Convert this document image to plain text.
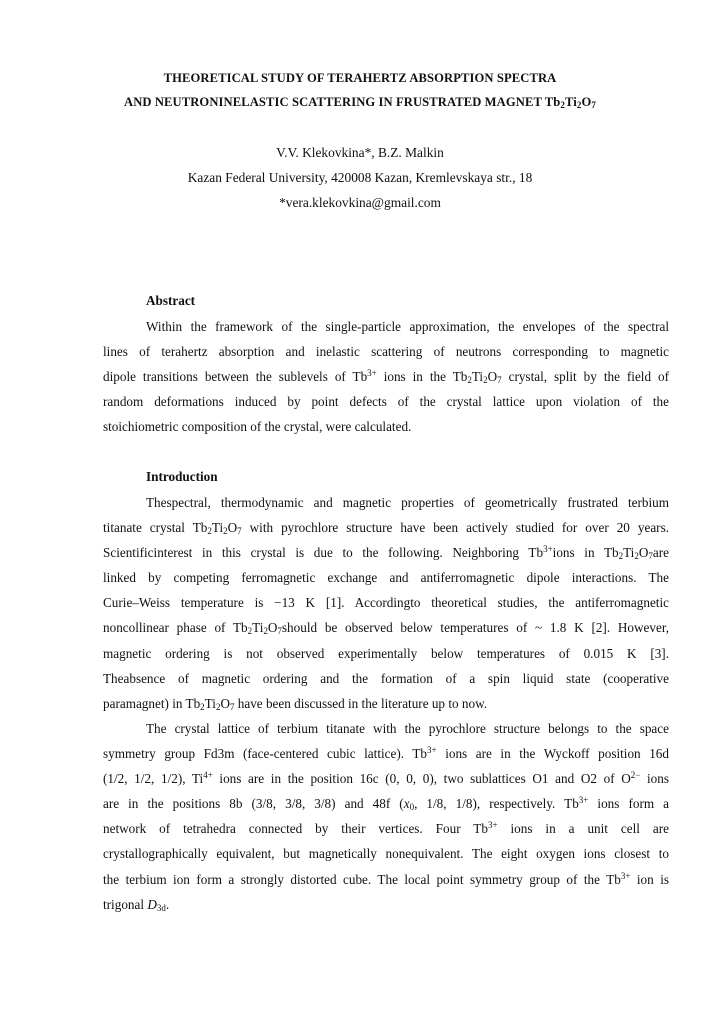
THEORETICAL STUDY OF TERAHERTZ ABSORPTION SPECTRA
AND NEUTRONINELASTIC SCATTERING IN FRUSTRATED MAGNET $Tb_2Ti_2O_7$
V.V. Klekovkina*, B.Z. Malkin
Kazan Federal University, 420008 Kazan, Kremlevskaya str., 18
*vera.klekovkina@gmail.com
Abstract
Within the framework of the single-particle approximation, the envelopes of the spectral
lines of terahertz absorption and inelastic scattering of neutrons corresponding to magnetic
dipole transitions between the sublevels of $Tb^{3+}$ ions in the $Tb_2Ti_2O_7$ crystal, split by the field of
random deformations induced by point defects of the crystal lattice upon violation of the
stoichiometric composition of the crystal, were calculated.
Introduction
Thespectral, thermodynamic and magnetic properties of geometrically frustrated terbium
titanate crystal $Tb_2Ti_2O_7$ with pyrochlore structure have been actively studied for over 20 years.
Scientificinterest in this crystal is due to the following. Neighboring $Tb^{3+}ions$ in $Tb_2Ti_2O_7are$
linked by competing ferromagnetic exchange and antiferromagnetic dipole interactions. The
Curie–Weiss temperature is −13 K [1]. Accordingto theoretical studies, the antiferromagnetic
noncollinear phase of $Tb_2Ti_2O_7should$ be observed below temperatures of ~ 1.8 K [2]. However,
magnetic ordering is not observed experimentally below temperatures of 0.015 K [3].
Theabsence of magnetic ordering and the formation of a spin liquid state (cooperative
paramagnet) in $Tb_2Ti_2O_7$ have been discussed in the literature up to now.
The crystal lattice of terbium titanate with the pyrochlore structure belongs to the space
symmetry group Fd3m (face-centered cubic lattice). $Tb^{3+}$ ions are in the Wyckoff position 16d
(1/2, 1/2, 1/2), $Ti^{4+}$ ions are in the position 16c (0, 0, 0), two sublattices O1 and O2 of $O^{2-}$ ions
are in the positions 8b (3/8, 3/8, 3/8) and 48f ($x_0$, 1/8, 1/8), respectively. $Tb^{3+}$ ions form a
network of tetrahedra connected by their vertices. Four $Tb^{3+}$ ions in a unit cell are
crystallographically equivalent, but magnetically nonequivalent. The eight oxygen ions closest to
the terbium ion form a strongly distorted cube. The local point symmetry group of the $Tb^{3+}$ ion is
trigonal $D_{3d}$.
